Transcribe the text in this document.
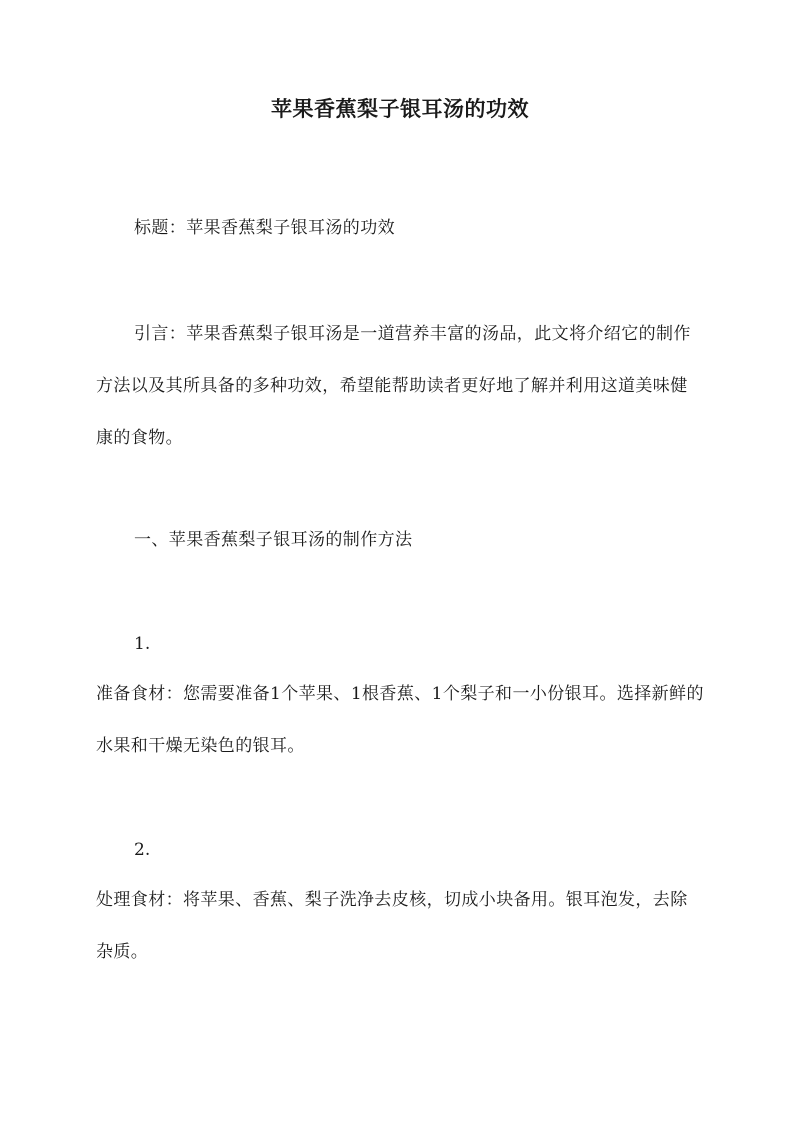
苹果香蕉梨子银耳汤的功效
标题：苹果香蕉梨子银耳汤的功效
引言：苹果香蕉梨子银耳汤是一道营养丰富的汤品，此文将介绍它的制作方法以及其所具备的多种功效，希望能帮助读者更好地了解并利用这道美味健康的食物。
一、苹果香蕉梨子银耳汤的制作方法
1.
准备食材：您需要准备1个苹果、1根香蕉、1个梨子和一小份银耳。选择新鲜的水果和干燥无染色的银耳。
2.
处理食材：将苹果、香蕉、梨子洗净去皮核，切成小块备用。银耳泡发，去除杂质。
